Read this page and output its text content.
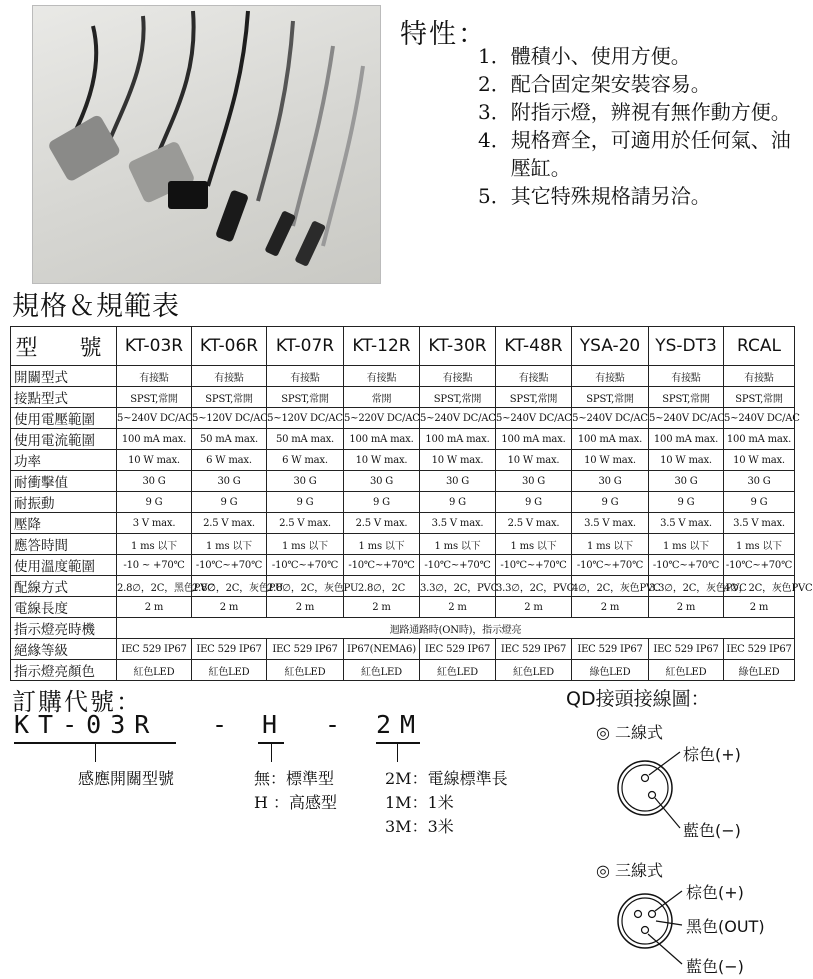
特性：
1． 體積小、使用方便。
2． 配合固定架安裝容易。
3． 附指示燈，辨視有無作動方便。
4． 規格齊全，可適用於任何氣、油壓缸。
5． 其它特殊規格請另洽。
規格＆規範表
型　號	KT-03R	KT-06R	KT-07R	KT-12R	KT-30R	KT-48R	YSA-20	YS-DT3	RCAL
開關型式	有接點	有接點	有接點	有接點	有接點	有接點	有接點	有接點	有接點
接點型式	SPST,常開	SPST,常開	SPST,常開	常開	SPST,常開	SPST,常開	SPST,常開	SPST,常開	SPST,常開
使用電壓範圍	5~240V DC/AC	5~120V DC/AC	5~120V DC/AC	5~220V DC/AC	5~240V DC/AC	5~240V DC/AC	5~240V DC/AC	5~240V DC/AC	5~240V DC/AC
使用電流範圍	100 mA max.	50 mA max.	50 mA max.	100 mA max.	100 mA max.	100 mA max.	100 mA max.	100 mA max.	100 mA max.
功率	10 W max.	6 W max.	6 W max.	10 W max.	10 W max.	10 W max.	10 W max.	10 W max.	10 W max.
耐衝擊值	30 G	30 G	30 G	30 G	30 G	30 G	30 G	30 G	30 G
耐振動	9 G	9 G	9 G	9 G	9 G	9 G	9 G	9 G	9 G
壓降	3 V max.	2.5 V max.	2.5 V max.	2.5 V max.	3.5 V max.	2.5 V max.	3.5 V max.	3.5 V max.	3.5 V max.
應答時間	1 ms 以下	1 ms 以下	1 ms 以下	1 ms 以下	1 ms 以下	1 ms 以下	1 ms 以下	1 ms 以下	1 ms 以下
使用溫度範圍	-10 ~ +70℃	-10℃~+70℃	-10℃~+70℃	-10℃~+70℃	-10℃~+70℃	-10℃~+70℃	-10℃~+70℃	-10℃~+70℃	-10℃~+70℃
配線方式	2.8∅，2C，黑色PVC	2.8∅，2C，灰色PU	2.8∅，2C，灰色PU	2.8∅，2C	3.3∅，2C，PVC	3.3∅，2C，PVC	4∅，2C，灰色PVC	3.3∅，2C，灰色PVC	4∅，2C，灰色PVC
電線長度	2 m	2 m	2 m	2 m	2 m	2 m	2 m	2 m	2 m
指示燈亮時機	迴路通路時(ON時)，指示燈亮								
絕緣等級	IEC 529 IP67	IEC 529 IP67	IEC 529 IP67	IP67(NEMA6)	IEC 529 IP67	IEC 529 IP67	IEC 529 IP67	IEC 529 IP67	IEC 529 IP67
指示燈亮顏色	紅色LED	紅色LED	紅色LED	紅色LED	紅色LED	紅色LED	綠色LED	紅色LED	綠色LED
訂購代號：
KT-03R - H - 2M
感應開關型號	無：標準型
H ：高感型
2M：電線標準長
1M：1米
3M：3米
QD接頭接線圖：
◎ 二線式
棕色(+)
藍色(−)
◎ 三線式
棕色(+)
黑色(OUT)
藍色(−)
